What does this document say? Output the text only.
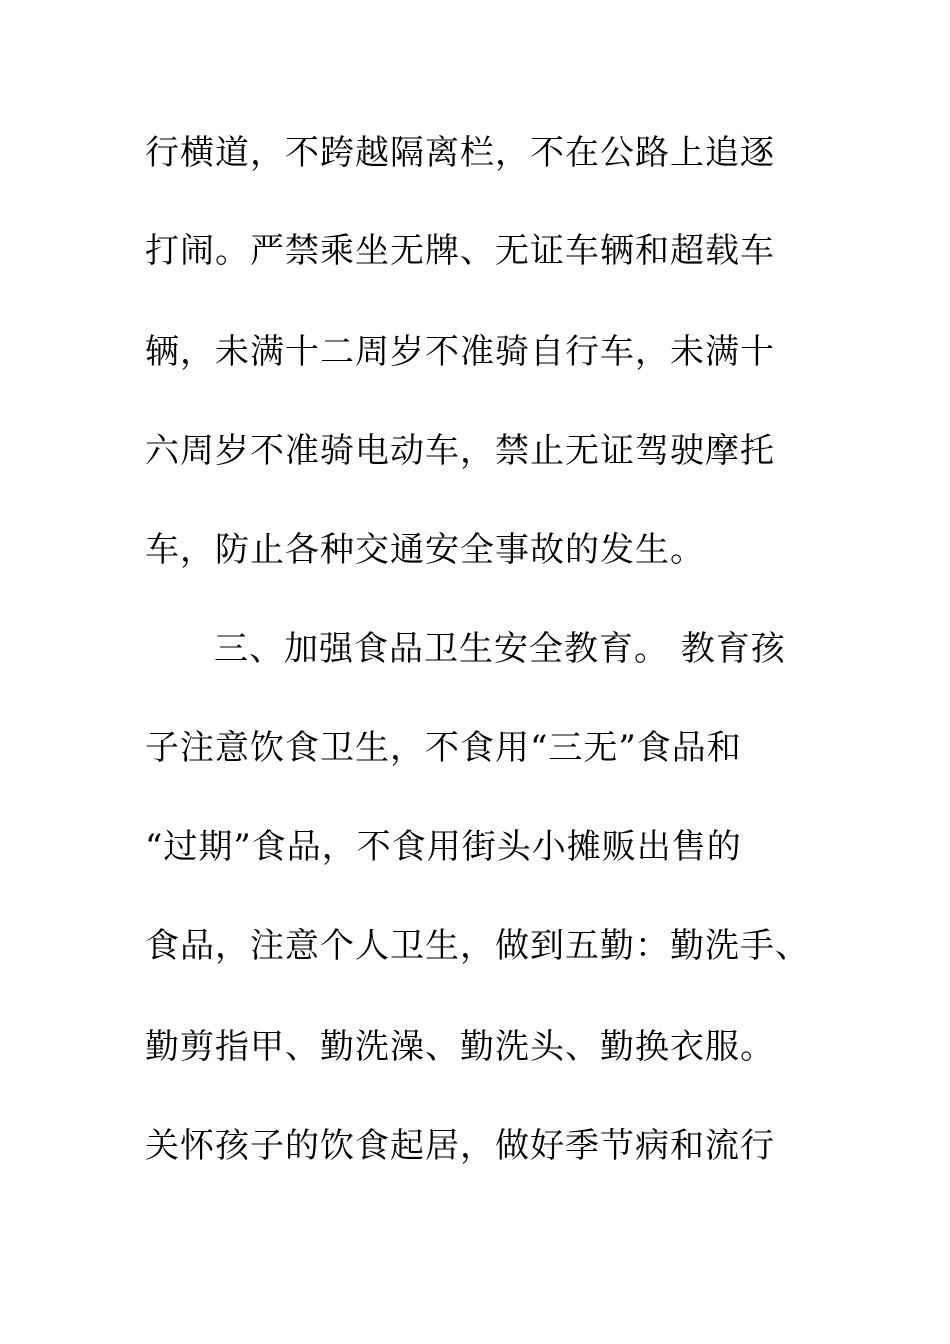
行横道，不跨越隔离栏，不在公路上追逐
打闹。严禁乘坐无牌、无证车辆和超载车
辆，未满十二周岁不准骑自行车，未满十
六周岁不准骑电动车，禁止无证驾驶摩托
车，防止各种交通安全事故的发生。
三、加强食品卫生安全教育。 教育孩
子注意饮食卫生，不食用“三无”食品和
“过期”食品，不食用街头小摊贩出售的
食品，注意个人卫生，做到五勤：勤洗手、
勤剪指甲、勤洗澡、勤洗头、勤换衣服。
关怀孩子的饮食起居，做好季节病和流行
